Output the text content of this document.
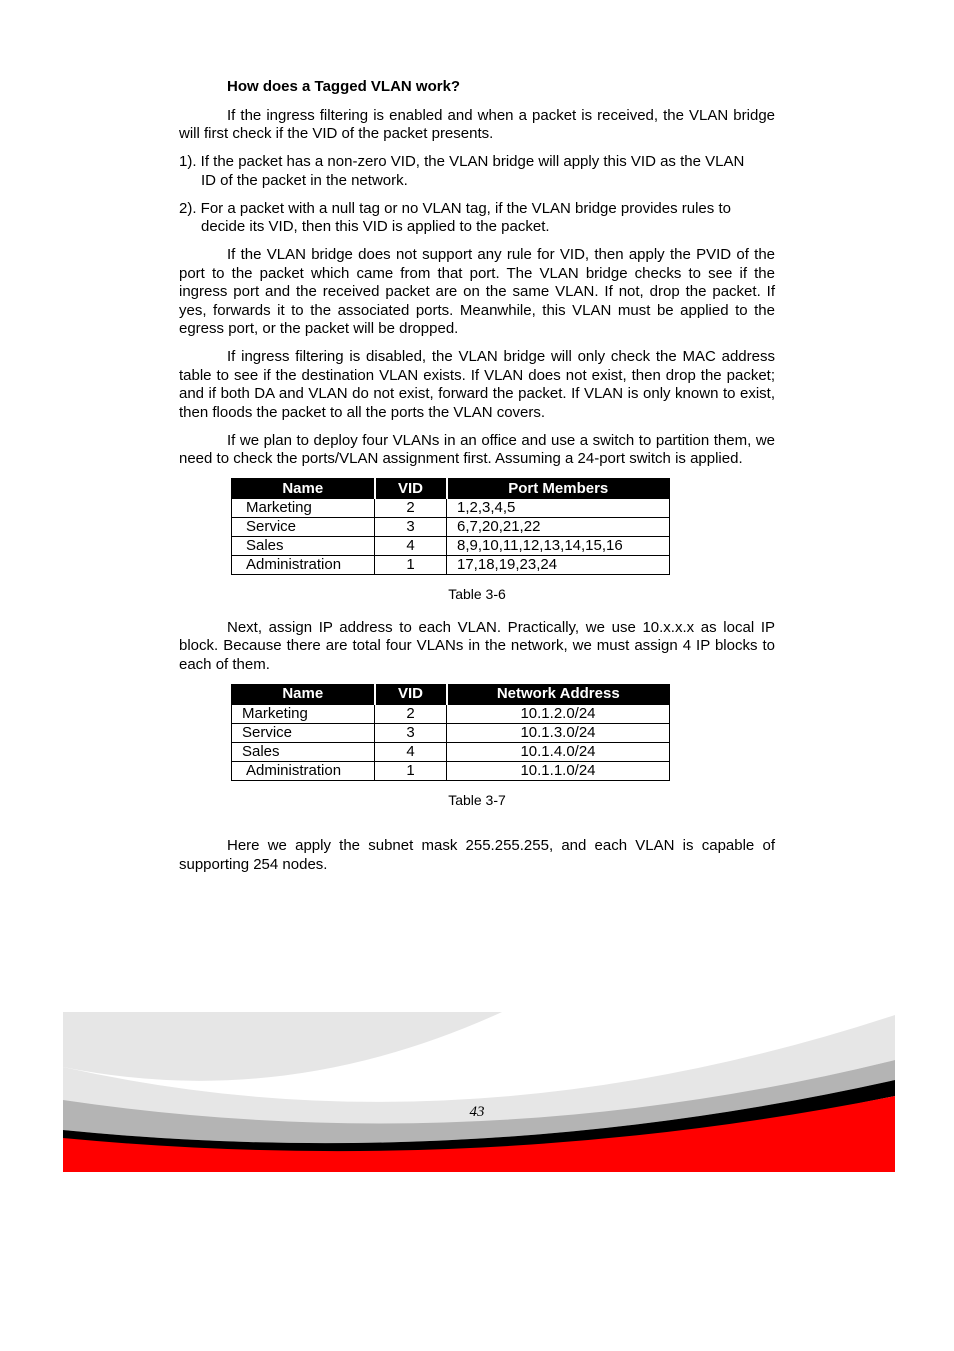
How does a Tagged VLAN work?
If the ingress filtering is enabled and when a packet is received, the VLAN bridge will first check if the VID of the packet presents.
1). If the packet has a non-zero VID, the VLAN bridge will apply this VID as the VLAN
ID of the packet in the network.
2). For a packet with a null tag or no VLAN tag, if the VLAN bridge provides rules to decide its VID, then this VID is applied to the packet.
If the VLAN bridge does not support any rule for VID, then apply the PVID of the port to the packet which came from that port. The VLAN bridge checks to see if the ingress port and the received packet are on the same VLAN. If not, drop the packet. If yes, forwards it to the associated ports. Meanwhile, this VLAN must be applied to the egress port, or the packet will be dropped.
If ingress filtering is disabled, the VLAN bridge will only check the MAC address table to see if the destination VLAN exists. If VLAN does not exist, then drop the packet; and if both DA and VLAN do not exist, forward the packet. If VLAN is only known to exist, then floods the packet to all the ports the VLAN covers.
If we plan to deploy four VLANs in an office and use a switch to partition them, we need to check the ports/VLAN assignment first. Assuming a 24-port switch is applied.
Name	VID	Port Members
Marketing	2	1,2,3,4,5
Service	3	6,7,20,21,22
Sales	4	8,9,10,11,12,13,14,15,16
Administration	1	17,18,19,23,24
Table 3-6
Next, assign IP address to each VLAN. Practically, we use 10.x.x.x as local IP block. Because there are total four VLANs in the network, we must assign 4 IP blocks to each of them.
Name	VID	Network Address
Marketing	2	10.1.2.0/24
Service	3	10.1.3.0/24
Sales	4	10.1.4.0/24
Administration	1	10.1.1.0/24
Table 3-7
Here we apply the subnet mask 255.255.255, and each VLAN is capable of supporting 254 nodes.
43
